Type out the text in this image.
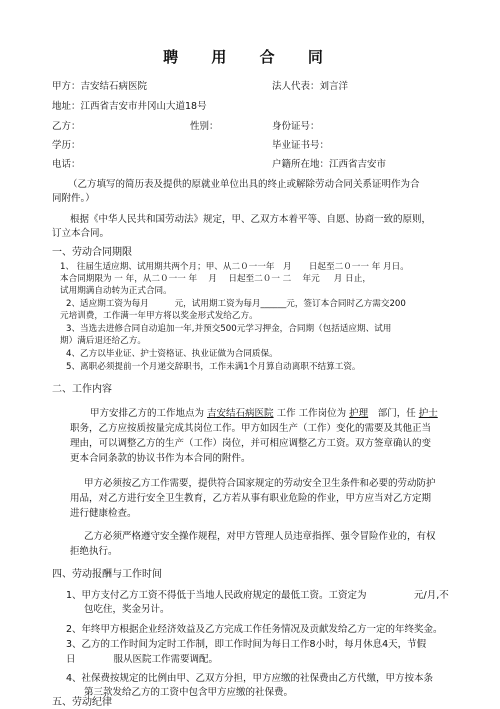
聘 用 合 同
甲方：吉安结石病医院	法人代表：刘言洋
地址：江西省吉安市井冈山大道18号
乙方：	性别：	身份证号：
学历：	毕业证书号：
电话：	户籍所在地：江西省吉安市
（乙方填写的简历表及提供的原就业单位出具的终止或解除劳动合同关系证明作为合
同附件。）
根据《中华人民共和国劳动法》规定，甲、乙双方本着平等、自愿、协商一致的原则，
订立本合同。
一、劳动合同期限
1、 往届生适应期、试用期共两个月；甲、从二０一一年　月　　日起至二０一一 年 月日。
本合同期限为 一 年，从二０一一 年　 月　 日起至二０一 二 　年元 　 月 日止，
试用期满自动转为正式合同。
2、适应期工资为每月　　　元，试用期工资为每月______元，签订本合同时乙方需交200
元培训费，工作满一年甲方将以奖金形式发给乙方。
3、当选去进修合同自动追加一年,并预交500元学习押金，合同期（包括适应期、试用
期）满后退还给乙方。
4、乙方以毕业证、护士资格证、执业证做为合同质保。
5、离职必须提前一个月递交辞职书，工作未满1个月算自动离职不结算工资。
二、工作内容
甲方安排乙方的工作地点为 吉安结石病医院 工作 工作岗位为 护理　 部门，任 护士
职务，乙方应按质按量完成其岗位工作。甲方如因生产（工作）变化的需要及其他正当
理由，可以调整乙方的生产（工作）岗位，并可相应调整乙方工资。双方签章确认的变
更本合同条款的协议书作为本合同的附件。
甲方必须按乙方工作需要，提供符合国家规定的劳动安全卫生条件和必要的劳动防护
用品，对乙方进行安全卫生教育，乙方若从事有职业危险的作业，甲方应当对乙方定期
进行健康检查。
乙方必须严格遵守安全操作规程，对甲方管理人员违章指挥、强令冒险作业的，有权
拒绝执行。
四、劳动报酬与工作时间
1、甲方支付乙方工资不得低于当地人民政府规定的最低工资。工资定为　　　　　元/月,不
包吃住，奖金另计。
2、年终甲方根据企业经济效益及乙方完成工作任务情况及贡献发给乙方一定的年终奖金。
3、乙方的工作时间为定时工作制，即工作时间为每日工作8小时，每月休息4天，节假
日　　　　服从医院工作需要调配。
4、社保费按规定的比例由甲、乙双方分担，甲方应缴的社保费由乙方代缴，甲方按本条
第三款发给乙方的工资中包含甲方应缴的社保费。
五、劳动纪律
